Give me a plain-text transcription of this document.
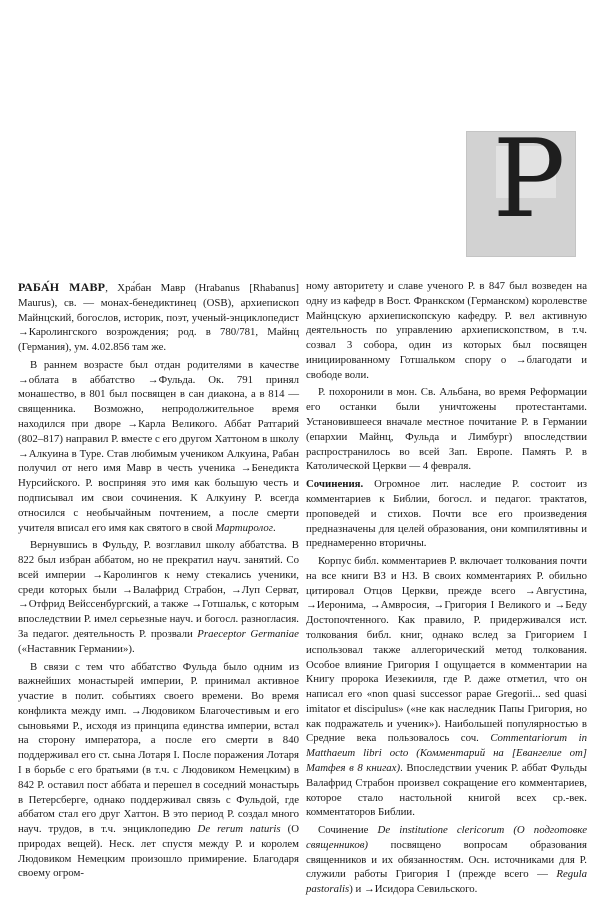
Р

РАБА́Н МАВР, Хра́бан Мавр (Hrabanus [Rhabanus] Maurus), св. — монах-бенедиктинец (OSB), архиепископ Майнцский, богослов, историк, поэт, ученый-энциклопедист →Каролингского возрождения; род. в 780/781, Майнц (Германия), ум. 4.02.856 там же.

В раннем возрасте был отдан родителями в качестве →облата в аббатство →Фульда. Ок. 791 принял монашество, в 801 был посвящен в сан диакона, а в 814 — священника. Возможно, непродолжительное время находился при дворе →Карла Великого. Аббат Ратгарий (802–817) направил Р. вместе с его другом Хаттоном в школу →Алкуина в Туре. Став любимым учеником Алкуина, Рабан получил от него имя Мавр в честь ученика →Бенедикта Нурсийского. Р. восприняя это имя как большую честь и подписывал им свои сочинения. К Алкуину Р. всегда относился с необычайным почтением, а после смерти учителя вписал его имя как святого в свой Мартиролог.

Вернувшись в Фульду, Р. возглавил школу аббатства. В 822 был избран аббатом, но не прекратил науч. занятий. Со всей империи →Каролингов к нему стекались ученики, среди которых были →Валафрид Страбон, →Луп Серват, →Отфрид Вейссенбургский, а также →Готшальк, с которым впоследствии Р. имел серьезные науч. и богосл. разногласия. За педагог. деятельность Р. прозвали Praeceptor Germaniae («Наставник Германии»).

В связи с тем что аббатство Фульда было одним из важнейших монастырей империи, Р. принимал активное участие в полит. событиях своего времени. Во время конфликта между имп. →Людовиком Благочестивым и его сыновьями Р., исходя из принципа единства империи, встал на сторону императора, а после его смерти в 840 поддерживал его ст. сына Лотаря I. После поражения Лотаря I в борьбе с его братьями (в т.ч. с Людовиком Немецким) в 842 Р. оставил пост аббата и перешел в соседний монастырь в Петерсберге, однако поддерживал связь с Фульдой, где аббатом стал его друг Хаттон. В это период Р. создал много науч. трудов, в т.ч. энциклопедию De rerum naturis (О природах вещей). Неск. лет спустя между Р. и королем Людовиком Немецким произошло примирение. Благодаря своему огром-

ному авторитету и славе ученого Р. в 847 был возведен на одну из кафедр в Вост. Франкском (Германском) королевстве Майнцскую архиепископскую кафедру. Р. вел активную деятельность по управлению архиепископством, в т.ч. созвал 3 собора, один из которых был посвящен инициированному Готшальком спору о →благодати и свободе воли.

Р. похоронили в мон. Св. Альбана, во время Реформации его останки были уничтожены протестантами. Установившееся вначале местное почитание Р. в Германии (епархии Майнц, Фульда и Лимбург) впоследствии распространилось во всей Зап. Европе. Память Р. в Католической Церкви — 4 февраля.

Сочинения. Огромное лит. наследие Р. состоит из комментариев к Библии, богосл. и педагог. трактатов, проповедей и стихов. Почти все его произведения предназначены для целей образования, они компилятивны и преднамеренно вторичны.

Корпус библ. комментариев Р. включает толкования почти на все книги ВЗ и НЗ. В своих комментариях Р. обильно цитировал Отцов Церкви, прежде всего →Августина, →Иеронима, →Амвросия, →Григория I Великого и →Беду Достопочтенного. Как правило, Р. придерживался ист. толкования библ. книг, однако вслед за Григорием I использовал также аллегорический метод толкования. Особое влияние Григория I ощущается в комментарии на Книгу пророка Иезекииля, где Р. даже отметил, что он написал его «non quasi successor papae Gregorii... sed quasi imitator et discipulus» («не как наследник Папы Григория, но как подражатель и ученик»). Наибольшей популярностью в Средние века пользовалось соч. Commentariorum in Matthaeum libri octo (Комментарий на [Евангелие от] Матфея в 8 книгах). Впоследствии ученик Р. аббат Фульды Валафрид Страбон произвел сокращение его комментариев, которое стало настольной книгой всех ср.-век. комментаторов Библии.

Сочинение De institutione clericorum (О подготовке священников) посвящено вопросам образования священников и их обязанностям. Осн. источниками для Р. служили работы Григория I (прежде всего — Regula pastoralis) и →Исидора Севильского.
